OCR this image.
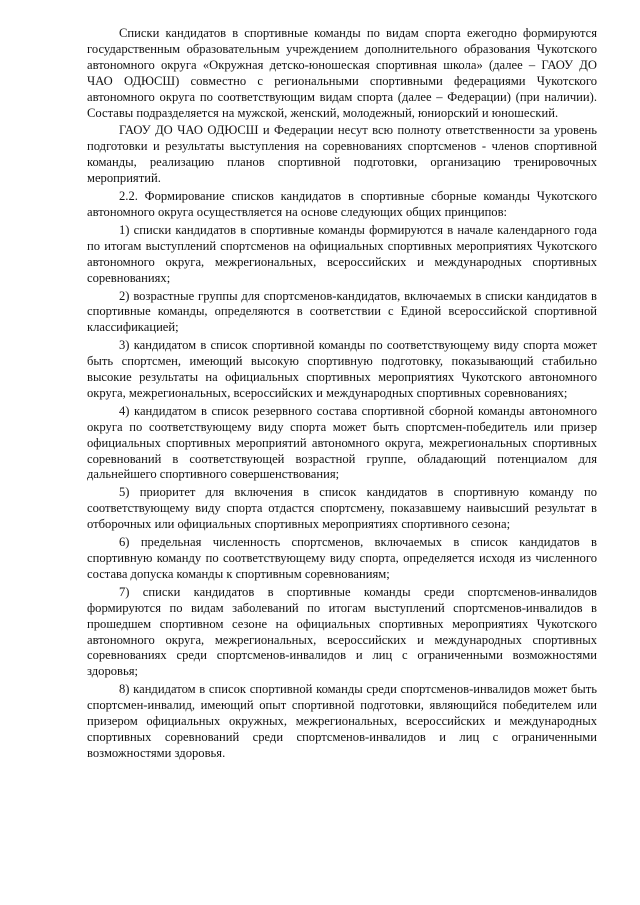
Списки кандидатов в спортивные команды по видам спорта ежегодно формируются государственным образовательным учреждением дополнительного образования Чукотского автономного округа «Окружная детско-юношеская спортивная школа» (далее – ГАОУ ДО ЧАО ОДЮСШ) совместно с региональными спортивными федерациями Чукотского автономного округа по соответствующим видам спорта (далее – Федерации) (при наличии). Составы подразделяется на мужской, женский, молодежный, юниорский и юношеский.

ГАОУ ДО ЧАО ОДЮСШ и Федерации несут всю полноту ответственности за уровень подготовки и результаты выступления на соревнованиях спортсменов - членов спортивной команды, реализацию планов спортивной подготовки, организацию тренировочных мероприятий.

2.2. Формирование списков кандидатов в спортивные сборные команды Чукотского автономного округа осуществляется на основе следующих общих принципов:

1) списки кандидатов в спортивные команды формируются в начале календарного года по итогам выступлений спортсменов на официальных спортивных мероприятиях Чукотского автономного округа, межрегиональных, всероссийских и международных спортивных соревнованиях;

2) возрастные группы для спортсменов-кандидатов, включаемых в списки кандидатов в спортивные команды, определяются в соответствии с Единой всероссийской спортивной классификацией;

3) кандидатом в список спортивной команды по соответствующему виду спорта может быть спортсмен, имеющий высокую спортивную подготовку, показывающий стабильно высокие результаты на официальных спортивных мероприятиях Чукотского автономного округа, межрегиональных, всероссийских и международных спортивных соревнованиях;

4) кандидатом в список резервного состава спортивной сборной команды автономного округа по соответствующему виду спорта может быть спортсмен-победитель или призер официальных спортивных мероприятий автономного округа, межрегиональных спортивных соревнований в соответствующей возрастной группе, обладающий потенциалом для дальнейшего спортивного совершенствования;

5) приоритет для включения в список кандидатов в спортивную команду по соответствующему виду спорта отдастся спортсмену, показавшему наивысший результат в отборочных или официальных спортивных мероприятиях спортивного сезона;

6) предельная численность спортсменов, включаемых в список кандидатов в спортивную команду по соответствующему виду спорта, определяется исходя из численного состава допуска команды к спортивным соревнованиям;

7) списки кандидатов в спортивные команды среди спортсменов-инвалидов формируются по видам заболеваний по итогам выступлений спортсменов-инвалидов в прошедшем спортивном сезоне на официальных спортивных мероприятиях Чукотского автономного округа, межрегиональных, всероссийских и международных спортивных соревнованиях среди спортсменов-инвалидов и лиц с ограниченными возможностями здоровья;

8) кандидатом в список спортивной команды среди спортсменов-инвалидов может быть спортсмен-инвалид, имеющий опыт спортивной подготовки, являющийся победителем или призером официальных окружных, межрегиональных, всероссийских и международных спортивных соревнований среди спортсменов-инвалидов и лиц с ограниченными возможностями здоровья.
